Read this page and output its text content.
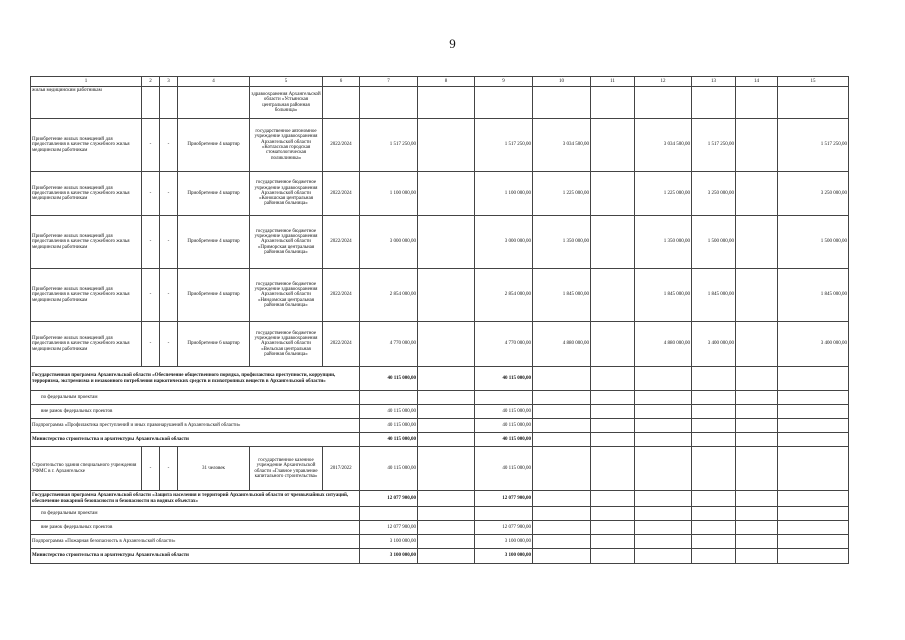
9
1	2	3	4	5	6	7	8	9	10	11	12	13	14	15
жилья медицинским работникам				здравоохранения Архангельской области «Устьянская центральная районная больница»										
Приобретение жилых помещений для предоставления в качестве служебного жилья медицинским работникам	-	-	Приобретение 4 квартир	государственное автономное учреждение здравоохранения Архангельской области «Котласская городская стоматологическая поликлиника»	2022/2024	1 517 250,00		1 517 250,00	3 034 500,00		3 034 500,00	1 517 250,00		1 517 250,00
Приобретение жилых помещений для предоставления в качестве служебного жилья медицинским работникам	-	-	Приобретение 4 квартир	государственное бюджетное учреждение здравоохранения Архангельской области «Коношская центральная районная больница»	2022/2024	1 100 000,00		1 100 000,00	1 225 000,00		1 225 000,00	3 250 000,00		3 250 000,00
Приобретение жилых помещений для предоставления в качестве служебного жилья медицинским работникам	-	-	Приобретение 4 квартир	государственное бюджетное учреждение здравоохранения Архангельской области «Приморская центральная районная больница»	2022/2024	3 000 000,00		3 000 000,00	1 350 000,00		1 350 000,00	1 500 000,00		1 500 000,00
Приобретение жилых помещений для предоставления в качестве служебного жилья медицинским работникам	-	-	Приобретение 4 квартир	государственное бюджетное учреждение здравоохранения Архангельской области «Няндомская центральная районная больница»	2022/2024	2 854 000,00		2 854 000,00	1 845 000,00		1 845 000,00	1 845 000,00		1 845 000,00
Приобретение жилых помещений для предоставления в качестве служебного жилья медицинским работникам	-	-	Приобретение 6 квартир	государственное бюджетное учреждение здравоохранения Архангельской области «Вельская центральная районная больница»	2022/2024	4 770 000,00		4 770 000,00	4 880 000,00		4 880 000,00	3 400 000,00		3 400 000,00
Государственная программа Архангельской области «Обеспечение общественного порядка, профилактика преступности, коррупции, терроризма, экстремизма и незаконного потребления наркотических средств и психотропных веществ в Архангельской области»						40 115 000,00		40 115 000,00						
по федеральным проектам														
вне рамок федеральных проектов						40 115 000,00		40 115 000,00						
Подпрограмма «Профилактика преступлений и иных правонарушений в Архангельской области»						40 115 000,00		40 115 000,00						
Министерство строительства и архитектуры Архангельской области						40 115 000,00		40 115 000,00						
Строительство здания специального учреждения УФМС в г. Архангельске	-	-	31 человек	государственное казенное учреждение Архангельской области «Главное управление капитального строительства»	2017/2022	40 115 000,00		40 115 000,00						
Государственная программа Архангельской области «Защита населения и территорий Архангельской области от чрезвычайных ситуаций, обеспечение пожарной безопасности и безопасности на водных объектах»						12 077 900,00		12 077 900,00						
по федеральным проектам														
вне рамок федеральных проектов						12 077 900,00		12 077 900,00						
Подпрограмма «Пожарная безопасность в Архангельской области»						3 100 000,00		3 100 000,00						
Министерство строительства и архитектуры Архангельской области						3 100 000,00		3 100 000,00						
